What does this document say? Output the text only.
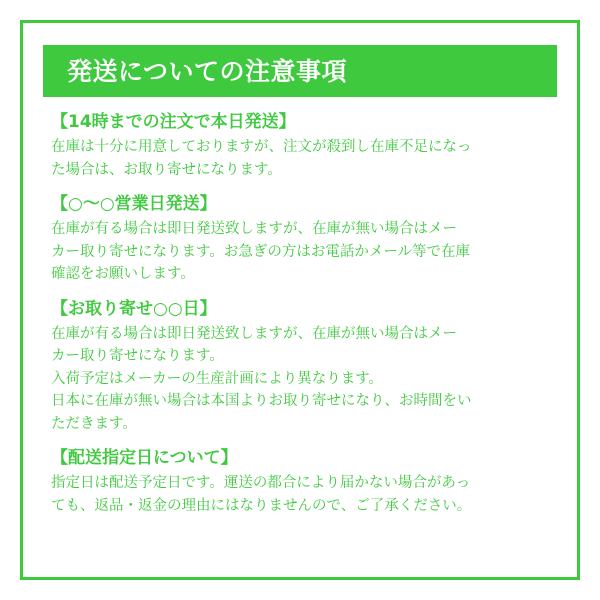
発送についての注意事項
【14時までの注文で本日発送】

在庫は十分に用意しておりますが、注文が殺到し在庫不足になっ

た場合は、お取り寄せになります。

【○〜○営業日発送】

在庫が有る場合は即日発送致しますが、在庫が無い場合はメー

カー取り寄せになります。お急ぎの方はお電話かメール等で在庫

確認をお願いします。

【お取り寄せ○○日】

在庫が有る場合は即日発送致しますが、在庫が無い場合はメー

カー取り寄せになります。

入荷予定はメーカーの生産計画により異なります。

日本に在庫が無い場合は本国よりお取り寄せになり、お時間をい

ただきます。

【配送指定日について】

指定日は配送予定日です。運送の都合により届かない場合があっ

ても、返品・返金の理由にはなりませんので、ご了承ください。
